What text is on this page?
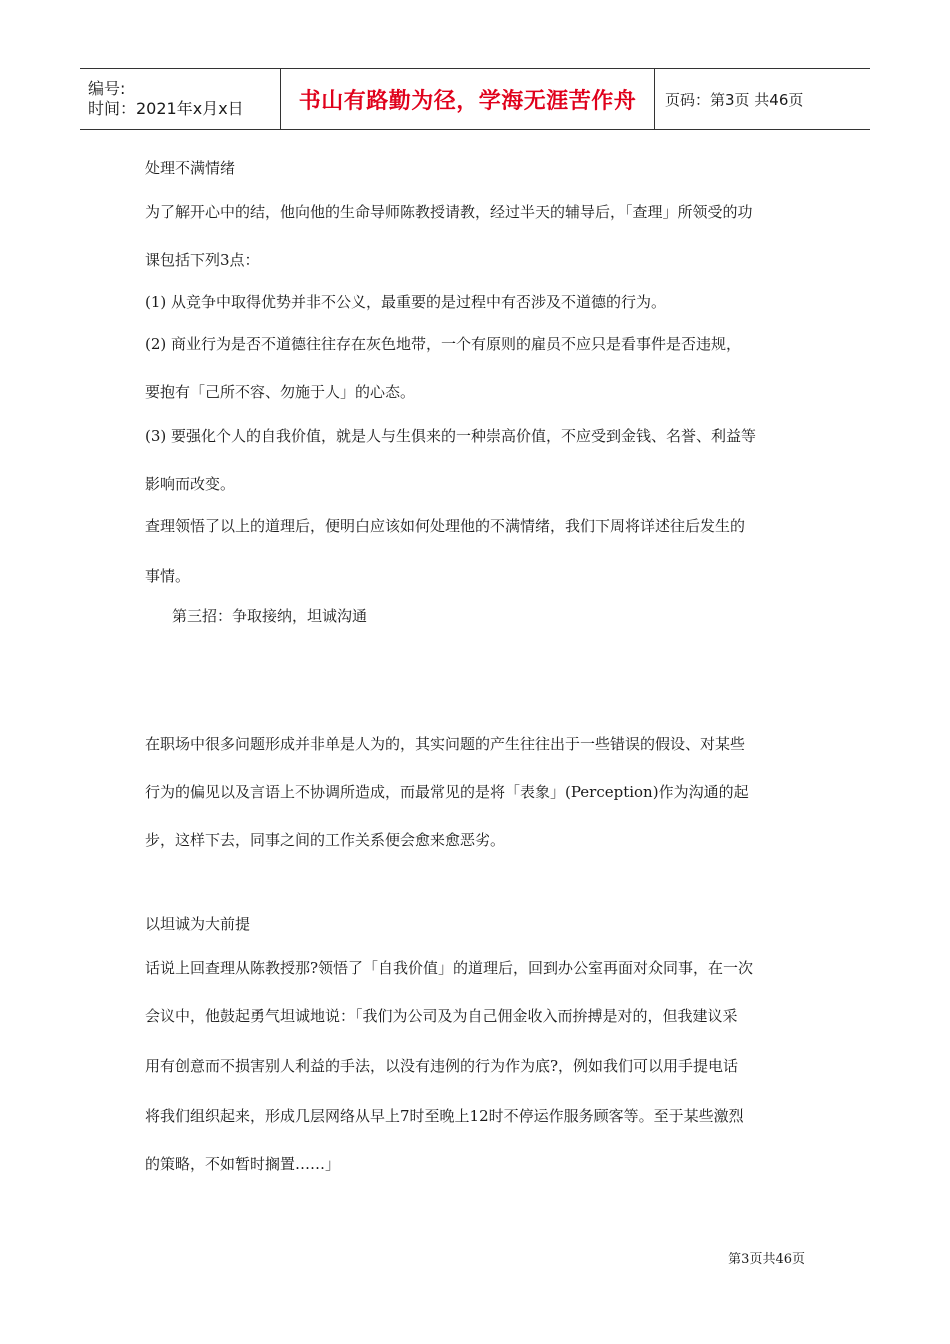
编号:
时间：2021年x月x日	书山有路勤为径，学海无涯苦作舟	页码：第3页 共46页
处理不满情绪
为了解开心中的结，他向他的生命导师陈教授请教，经过半天的辅导后，「查理」所领受的功
课包括下列3点：
(1) 从竞争中取得优势并非不公义，最重要的是过程中有否涉及不道德的行为。
(2) 商业行为是否不道德往往存在灰色地带，一个有原则的雇员不应只是看事件是否违规，
要抱有「己所不容、勿施于人」的心态。
(3) 要强化个人的自我价值，就是人与生俱来的一种崇高价值，不应受到金钱、名誉、利益等
影响而改变。
查理领悟了以上的道理后，便明白应该如何处理他的不满情绪，我们下周将详述往后发生的
事情。
第三招：争取接纳，坦诚沟通
在职场中很多问题形成并非单是人为的，其实问题的产生往往出于一些错误的假设、对某些
行为的偏见以及言语上不协调所造成，而最常见的是将「表象」(Perception)作为沟通的起
步，这样下去，同事之间的工作关系便会愈来愈恶劣。
以坦诚为大前提
话说上回查理从陈教授那?领悟了「自我价值」的道理后，回到办公室再面对众同事，在一次
会议中，他鼓起勇气坦诚地说：「我们为公司及为自己佣金收入而拚搏是对的，但我建议采
用有创意而不损害别人利益的手法，以没有违例的行为作为底?，例如我们可以用手提电话
将我们组织起来，形成几层网络从早上7时至晚上12时不停运作服务顾客等。至于某些激烈
的策略，不如暂时搁置……」
第3页共46页
